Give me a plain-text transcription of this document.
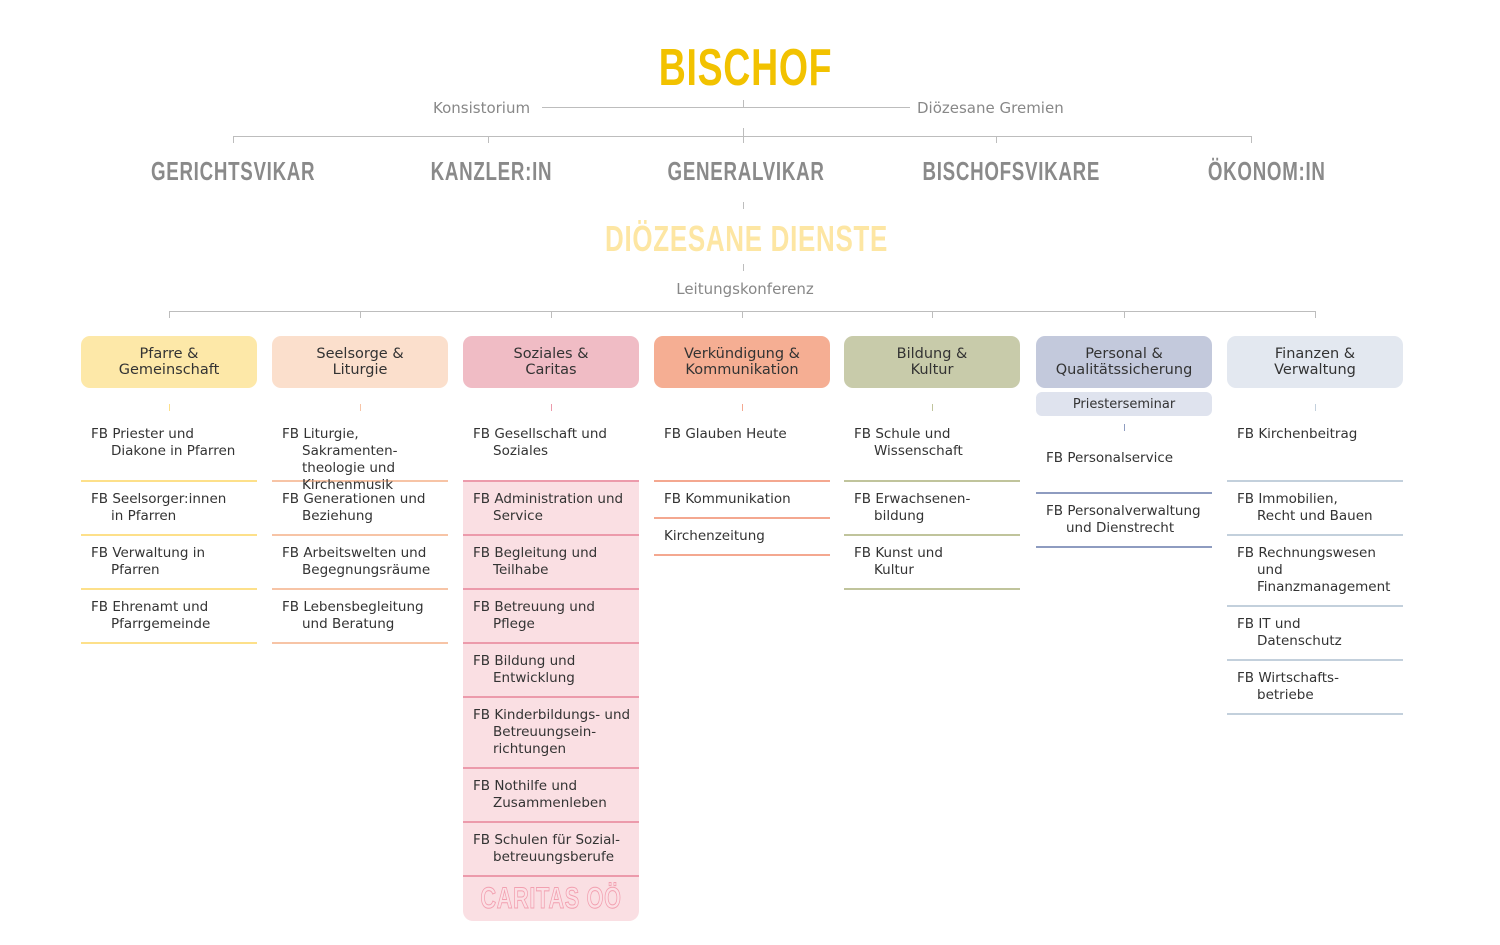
BISCHOF
Konsistorium	Diözesane Gremien
GERICHTSVIKAR	KANZLER:IN	GENERALVIKAR	BISCHOFSVIKARE	ÖKONOM:IN
DIÖZESANE DIENSTE
Leitungskonferenz
Pfarre &
Gemeinschaft
FB Priester und
Diakone in Pfarren
FB Seelsorger:innen
in Pfarren
FB Verwaltung in
Pfarren
FB Ehrenamt und
Pfarrgemeinde
Seelsorge &
Liturgie
FB Liturgie, Sakramenten-
theologie und
Kirchenmusik
FB Generationen und
Beziehung
FB Arbeitswelten und
Begegnungsräume
FB Lebensbegleitung
und Beratung
Soziales &
Caritas
FB Gesellschaft und
Soziales
FB Administration und
Service
FB Begleitung und
Teilhabe
FB Betreuung und
Pflege
FB Bildung und
Entwicklung
FB Kinderbildungs- und
Betreuungsein-
richtungen
FB Nothilfe und
Zusammenleben
FB Schulen für Sozial-
betreuungsberufe
CARITAS OÖ
Verkündigung &
Kommunikation
FB Glauben Heute
FB Kommunikation
Kirchenzeitung
Bildung &
Kultur
FB Schule und
Wissenschaft
FB Erwachsenen-
bildung
FB Kunst und
Kultur
Personal &
Qualitätssicherung
Priesterseminar
FB Personalservice
FB Personalverwaltung
und Dienstrecht
Finanzen &
Verwaltung
FB Kirchenbeitrag
FB Immobilien,
Recht und Bauen
FB Rechnungswesen und
Finanzmanagement
FB IT und
Datenschutz
FB Wirtschafts-
betriebe
